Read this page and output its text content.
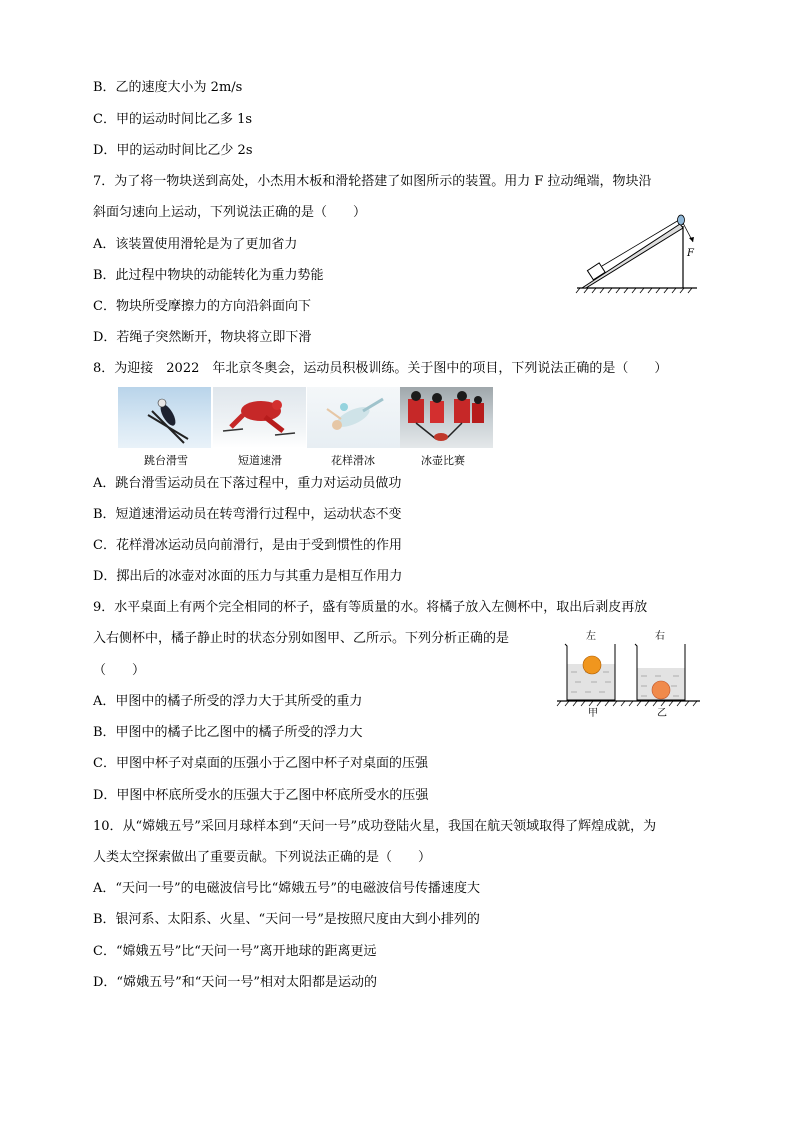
B．乙的速度大小为 2m/s
C．甲的运动时间比乙多 1s
D．甲的运动时间比乙少 2s
7．为了将一物块送到高处，小杰用木板和滑轮搭建了如图所示的装置。用力 F 拉动绳端，物块沿
斜面匀速向上运动，下列说法正确的是（　　）
A．该装置使用滑轮是为了更加省力
B．此过程中物块的动能转化为重力势能
C．物块所受摩擦力的方向沿斜面向下
D．若绳子突然断开，物块将立即下滑
8．为迎接　2022　年北京冬奥会，运动员积极训练。关于图中的项目，下列说法正确的是（　　）
A．跳台滑雪运动员在下落过程中，重力对运动员做功
B．短道速滑运动员在转弯滑行过程中，运动状态不变
C．花样滑冰运动员向前滑行，是由于受到惯性的作用
D．掷出后的冰壶对冰面的压力与其重力是相互作用力
9．水平桌面上有两个完全相同的杯子，盛有等质量的水。将橘子放入左侧杯中，取出后剥皮再放
入右侧杯中，橘子静止时的状态分别如图甲、乙所示。下列分析正确的是
（　　）
A．甲图中的橘子所受的浮力大于其所受的重力
B．甲图中的橘子比乙图中的橘子所受的浮力大
C．甲图中杯子对桌面的压强小于乙图中杯子对桌面的压强
D．甲图中杯底所受水的压强大于乙图中杯底所受水的压强
10．从“嫦娥五号”采回月球样本到“天问一号”成功登陆火星，我国在航天领域取得了辉煌成就，为
人类太空探索做出了重要贡献。下列说法正确的是（　　）
A．“天问一号”的电磁波信号比“嫦娥五号”的电磁波信号传播速度大
B．银河系、太阳系、火星、“天问一号”是按照尺度由大到小排列的
C．“嫦娥五号”比“天问一号”离开地球的距离更远
D．“嫦娥五号”和“天问一号”相对太阳都是运动的
F
跳台滑雪	短道速滑	花样滑冰	冰壶比赛
左	右
甲	乙
